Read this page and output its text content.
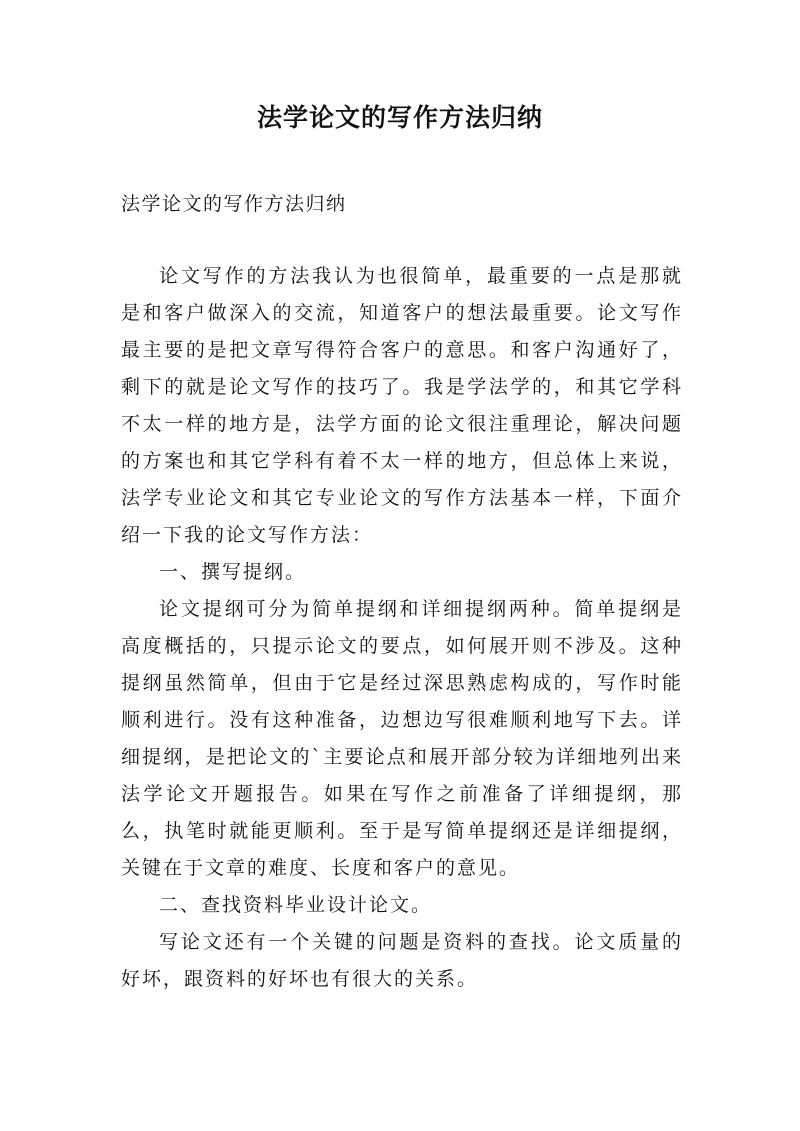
法学论文的写作方法归纳

法学论文的写作方法归纳

论文写作的方法我认为也很简单，最重要的一点是那就是和客户做深入的交流，知道客户的想法最重要。论文写作最主要的是把文章写得符合客户的意思。和客户沟通好了，剩下的就是论文写作的技巧了。我是学法学的，和其它学科不太一样的地方是，法学方面的论文很注重理论，解决问题的方案也和其它学科有着不太一样的地方，但总体上来说，法学专业论文和其它专业论文的写作方法基本一样，下面介绍一下我的论文写作方法：

一、撰写提纲。

论文提纲可分为简单提纲和详细提纲两种。简单提纲是高度概括的，只提示论文的要点，如何展开则不涉及。这种提纲虽然简单，但由于它是经过深思熟虑构成的，写作时能顺利进行。没有这种准备，边想边写很难顺利地写下去。详细提纲，是把论文的`主要论点和展开部分较为详细地列出来法学论文开题报告。如果在写作之前准备了详细提纲，那么，执笔时就能更顺利。至于是写简单提纲还是详细提纲，关键在于文章的难度、长度和客户的意见。

二、查找资料毕业设计论文。

写论文还有一个关键的问题是资料的查找。论文质量的好坏，跟资料的好坏也有很大的关系。
